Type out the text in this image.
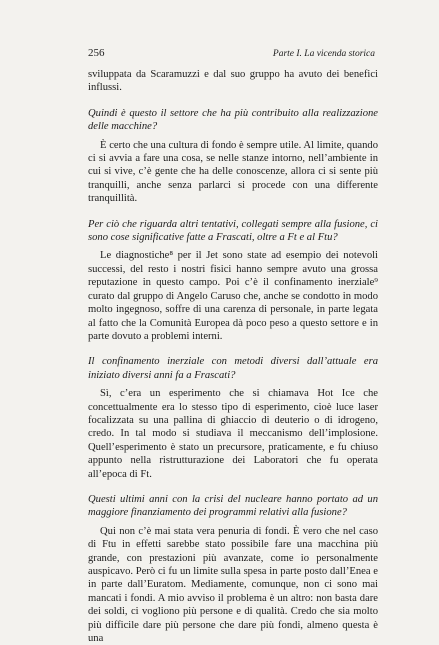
256	Parte I. La vicenda storica

sviluppata da Scaramuzzi e dal suo gruppo ha avuto dei benefici influssi.

Quindi è questo il settore che ha più contribuito alla realizzazione delle macchine?

È certo che una cultura di fondo è sempre utile. Al limite, quando ci si avvia a fare una cosa, se nelle stanze intorno, nell’ambiente in cui si vive, c’è gente che ha delle conoscenze, allora ci si sente più tranquilli, anche senza parlarci si procede con una differente tranquillità.

Per ciò che riguarda altri tentativi, collegati sempre alla fusione, ci sono cose significative fatte a Frascati, oltre a Ft e al Ftu?

Le diagnostiche⁸ per il Jet sono state ad esempio dei notevoli successi, del resto i nostri fisici hanno sempre avuto una grossa reputazione in questo campo. Poi c’è il confinamento inerziale⁹ curato dal gruppo di Angelo Caruso che, anche se condotto in modo molto ingegnoso, soffre di una carenza di personale, in parte legata al fatto che la Comunità Europea dà poco peso a questo settore e in parte dovuto a problemi interni.

Il confinamento inerziale con metodi diversi dall’attuale era iniziato diversi anni fa a Frascati?

Sì, c’era un esperimento che si chiamava Hot Ice che concettualmente era lo stesso tipo di esperimento, cioè luce laser focalizzata su una pallina di ghiaccio di deuterio o di idrogeno, credo. In tal modo si studiava il meccanismo dell’implosione. Quell’esperimento è stato un precursore, praticamente, e fu chiuso appunto nella ristrutturazione dei Laboratori che fu operata all’epoca di Ft.

Questi ultimi anni con la crisi del nucleare hanno portato ad un maggiore finanziamento dei programmi relativi alla fusione?

Qui non c’è mai stata vera penuria di fondi. È vero che nel caso di Ftu in effetti sarebbe stato possibile fare una macchina più grande, con prestazioni più avanzate, come io personalmente auspicavo. Però ci fu un limite sulla spesa in parte posto dall’Enea e in parte dall’Euratom. Mediamente, comunque, non ci sono mai mancati i fondi. A mio avviso il problema è un altro: non basta dare dei soldi, ci vogliono più persone e di qualità. Credo che sia molto più difficile dare più persone che dare più fondi, almeno questa è una
